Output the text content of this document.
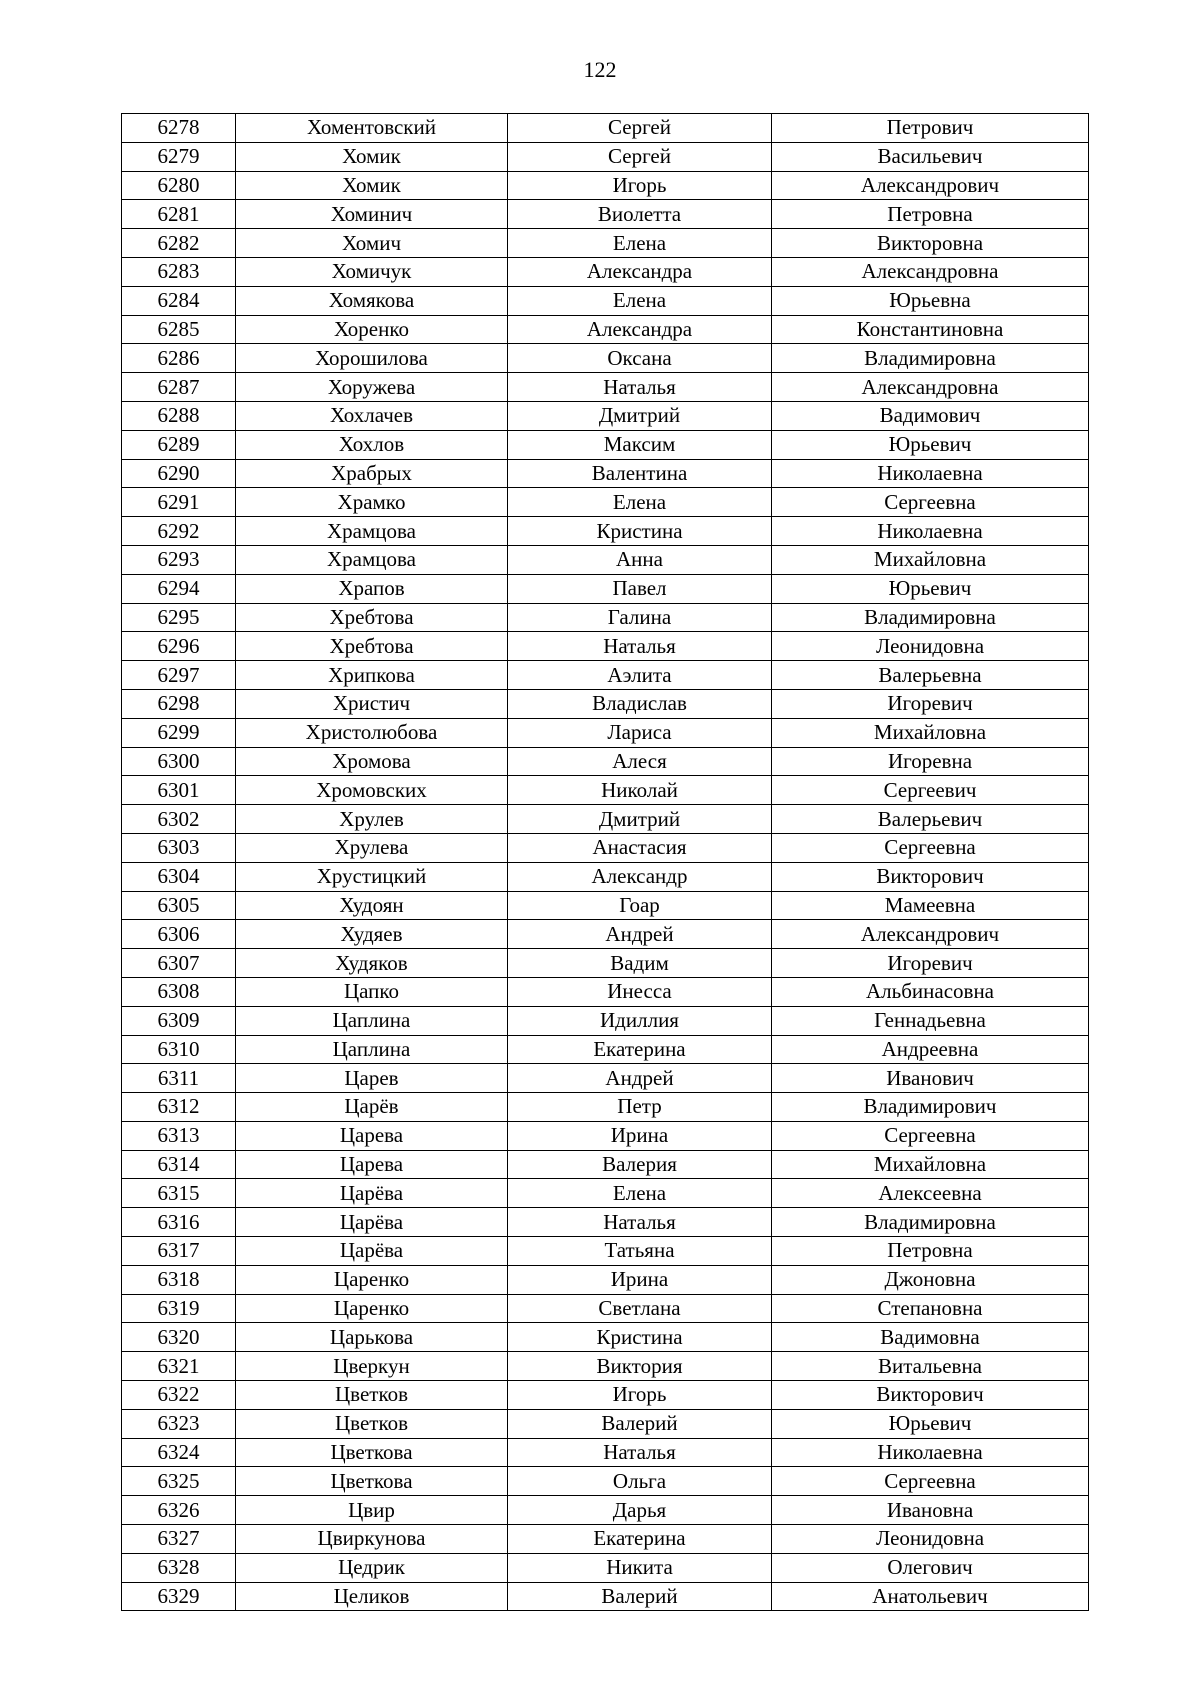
122
6278	Хоментовский	Сергей	Петрович
6279	Хомик	Сергей	Васильевич
6280	Хомик	Игорь	Александрович
6281	Хоминич	Виолетта	Петровна
6282	Хомич	Елена	Викторовна
6283	Хомичук	Александра	Александровна
6284	Хомякова	Елена	Юрьевна
6285	Хоренко	Александра	Константиновна
6286	Хорошилова	Оксана	Владимировна
6287	Хоружева	Наталья	Александровна
6288	Хохлачев	Дмитрий	Вадимович
6289	Хохлов	Максим	Юрьевич
6290	Храбрых	Валентина	Николаевна
6291	Храмко	Елена	Сергеевна
6292	Храмцова	Кристина	Николаевна
6293	Храмцова	Анна	Михайловна
6294	Храпов	Павел	Юрьевич
6295	Хребтова	Галина	Владимировна
6296	Хребтова	Наталья	Леонидовна
6297	Хрипкова	Аэлита	Валерьевна
6298	Христич	Владислав	Игоревич
6299	Христолюбова	Лариса	Михайловна
6300	Хромова	Алеся	Игоревна
6301	Хромовских	Николай	Сергеевич
6302	Хрулев	Дмитрий	Валерьевич
6303	Хрулева	Анастасия	Сергеевна
6304	Хрустицкий	Александр	Викторович
6305	Худоян	Гоар	Мамеевна
6306	Худяев	Андрей	Александрович
6307	Худяков	Вадим	Игоревич
6308	Цапко	Инесса	Альбинасовна
6309	Цаплина	Идиллия	Геннадьевна
6310	Цаплина	Екатерина	Андреевна
6311	Царев	Андрей	Иванович
6312	Царёв	Петр	Владимирович
6313	Царева	Ирина	Сергеевна
6314	Царева	Валерия	Михайловна
6315	Царёва	Елена	Алексеевна
6316	Царёва	Наталья	Владимировна
6317	Царёва	Татьяна	Петровна
6318	Царенко	Ирина	Джоновна
6319	Царенко	Светлана	Степановна
6320	Царькова	Кристина	Вадимовна
6321	Цверкун	Виктория	Витальевна
6322	Цветков	Игорь	Викторович
6323	Цветков	Валерий	Юрьевич
6324	Цветкова	Наталья	Николаевна
6325	Цветкова	Ольга	Сергеевна
6326	Цвир	Дарья	Ивановна
6327	Цвиркунова	Екатерина	Леонидовна
6328	Цедрик	Никита	Олегович
6329	Целиков	Валерий	Анатольевич
